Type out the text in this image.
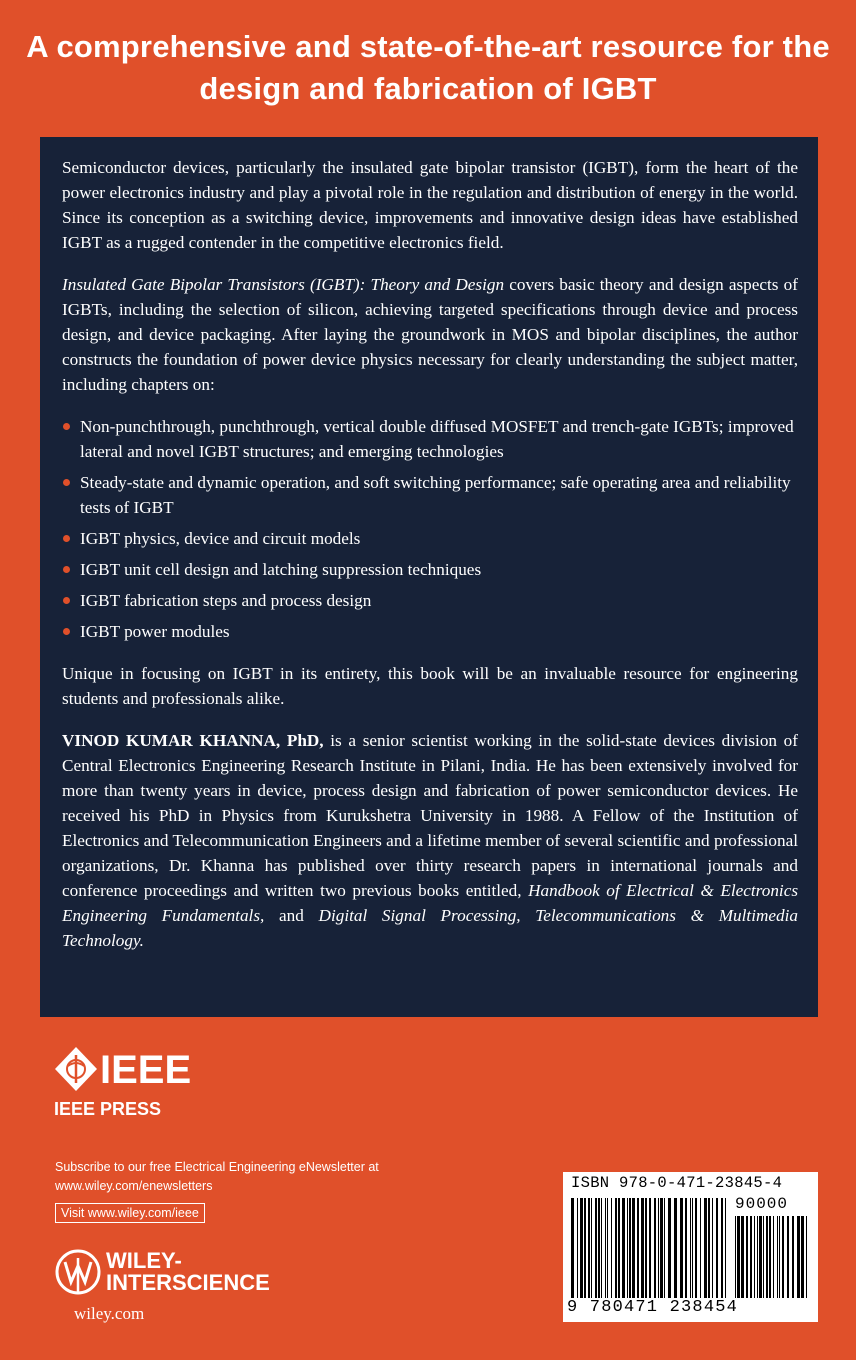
A comprehensive and state-of-the-art resource for the
design and fabrication of IGBT

Semiconductor devices, particularly the insulated gate bipolar transistor (IGBT), form the heart of the power electronics industry and play a pivotal role in the regulation and distribution of energy in the world. Since its conception as a switching device, improvements and innovative design ideas have established IGBT as a rugged contender in the competitive electronics field.

Insulated Gate Bipolar Transistors (IGBT): Theory and Design covers basic theory and design aspects of IGBTs, including the selection of silicon, achieving targeted specifications through device and process design, and device packaging. After laying the groundwork in MOS and bipolar disciplines, the author constructs the foundation of power device physics necessary for clearly understanding the subject matter, including chapters on:

Non-punchthrough, punchthrough, vertical double diffused MOSFET and trench-gate IGBTs; improved lateral and novel IGBT structures; and emerging technologies
Steady-state and dynamic operation, and soft switching performance; safe operating area and reliability tests of IGBT
IGBT physics, device and circuit models
IGBT unit cell design and latching suppression techniques
IGBT fabrication steps and process design
IGBT power modules

Unique in focusing on IGBT in its entirety, this book will be an invaluable resource for engineering students and professionals alike.

VINOD KUMAR KHANNA, PhD, is a senior scientist working in the solid-state devices division of Central Electronics Engineering Research Institute in Pilani, India. He has been extensively involved for more than twenty years in device, process design and fabrication of power semiconductor devices. He received his PhD in Physics from Kurukshetra University in 1988. A Fellow of the Institution of Electronics and Telecommunication Engineers and a lifetime member of several scientific and professional organizations, Dr. Khanna has published over thirty research papers in international journals and conference proceedings and written two previous books entitled, Handbook of Electrical & Electronics Engineering Fundamentals, and Digital Signal Processing, Telecommunications & Multimedia Technology.

IEEE
IEEE PRESS
Subscribe to our free Electrical Engineering eNewsletter at
www.wiley.com/enewsletters
Visit www.wiley.com/ieee
WILEY-
INTERSCIENCE
wiley.com
ISBN 978-0-471-23845-4
90000
9 780471 238454
